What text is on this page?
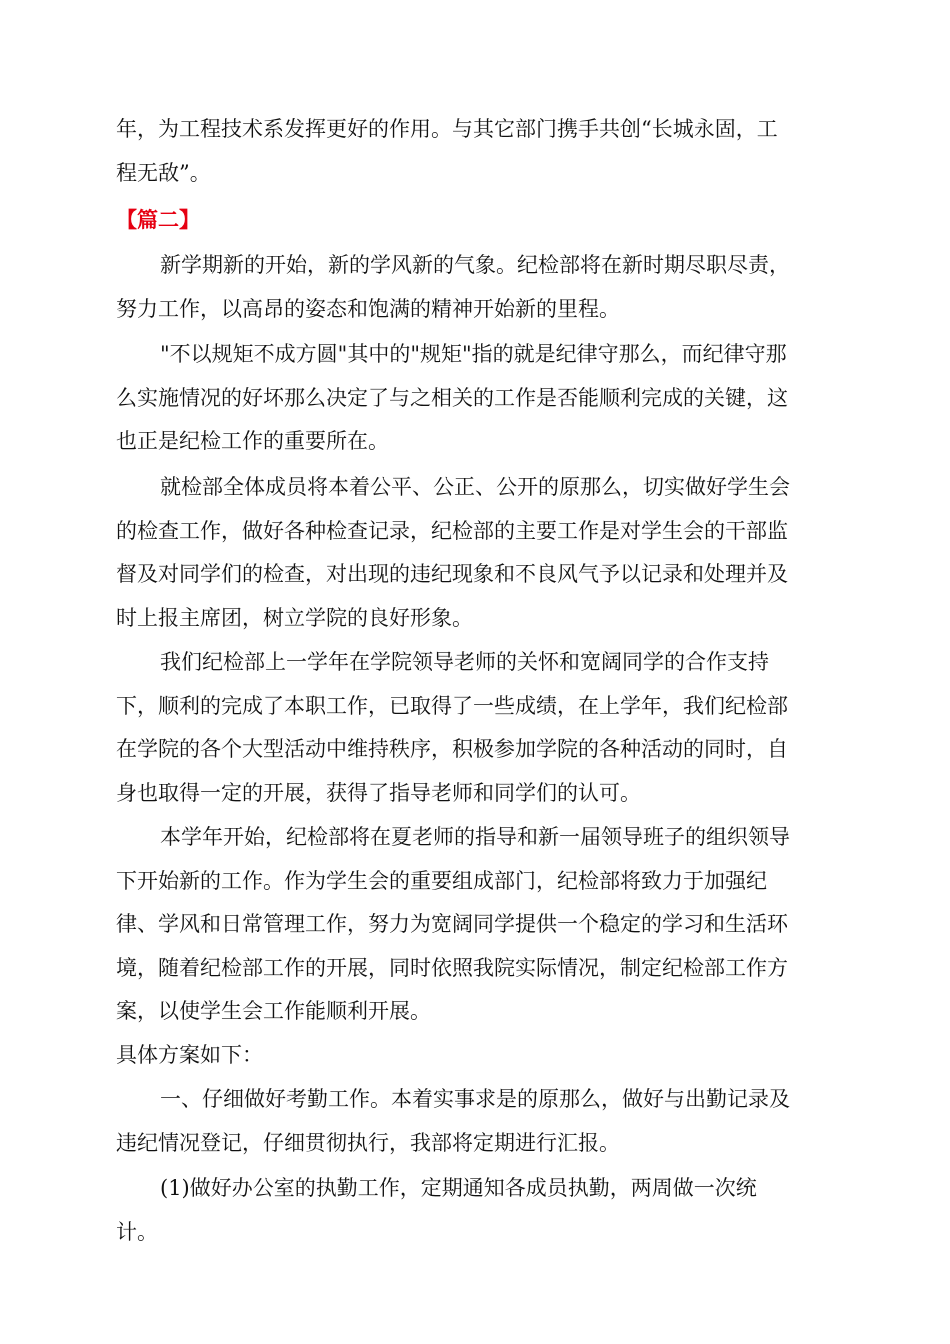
【篇二】

年，为工程技术系发挥更好的作用。与其它部门携手共创“长城永固，工
程无敌”。
新学期新的开始，新的学风新的气象。纪检部将在新时期尽职尽责，
努力工作，以高昂的姿态和饱满的精神开始新的里程。
"不以规矩不成方圆"其中的"规矩"指的就是纪律守那么，而纪律守那
么实施情况的好坏那么决定了与之相关的工作是否能顺利完成的关键，这
也正是纪检工作的重要所在。
就检部全体成员将本着公平、公正、公开的原那么，切实做好学生会
的检查工作，做好各种检查记录，纪检部的主要工作是对学生会的干部监
督及对同学们的检查，对出现的违纪现象和不良风气予以记录和处理并及
时上报主席团，树立学院的良好形象。
我们纪检部上一学年在学院领导老师的关怀和宽阔同学的合作支持
下，顺利的完成了本职工作，已取得了一些成绩，在上学年，我们纪检部
在学院的各个大型活动中维持秩序，积极参加学院的各种活动的同时，自
身也取得一定的开展，获得了指导老师和同学们的认可。
本学年开始，纪检部将在夏老师的指导和新一届领导班子的组织领导
下开始新的工作。作为学生会的重要组成部门，纪检部将致力于加强纪
律、学风和日常管理工作，努力为宽阔同学提供一个稳定的学习和生活环
境，随着纪检部工作的开展，同时依照我院实际情况，制定纪检部工作方
案，以使学生会工作能顺利开展。
具体方案如下：
一、仔细做好考勤工作。本着实事求是的原那么，做好与出勤记录及
违纪情况登记，仔细贯彻执行，我部将定期进行汇报。
(1)做好办公室的执勤工作，定期通知各成员执勤，两周做一次统
计。
